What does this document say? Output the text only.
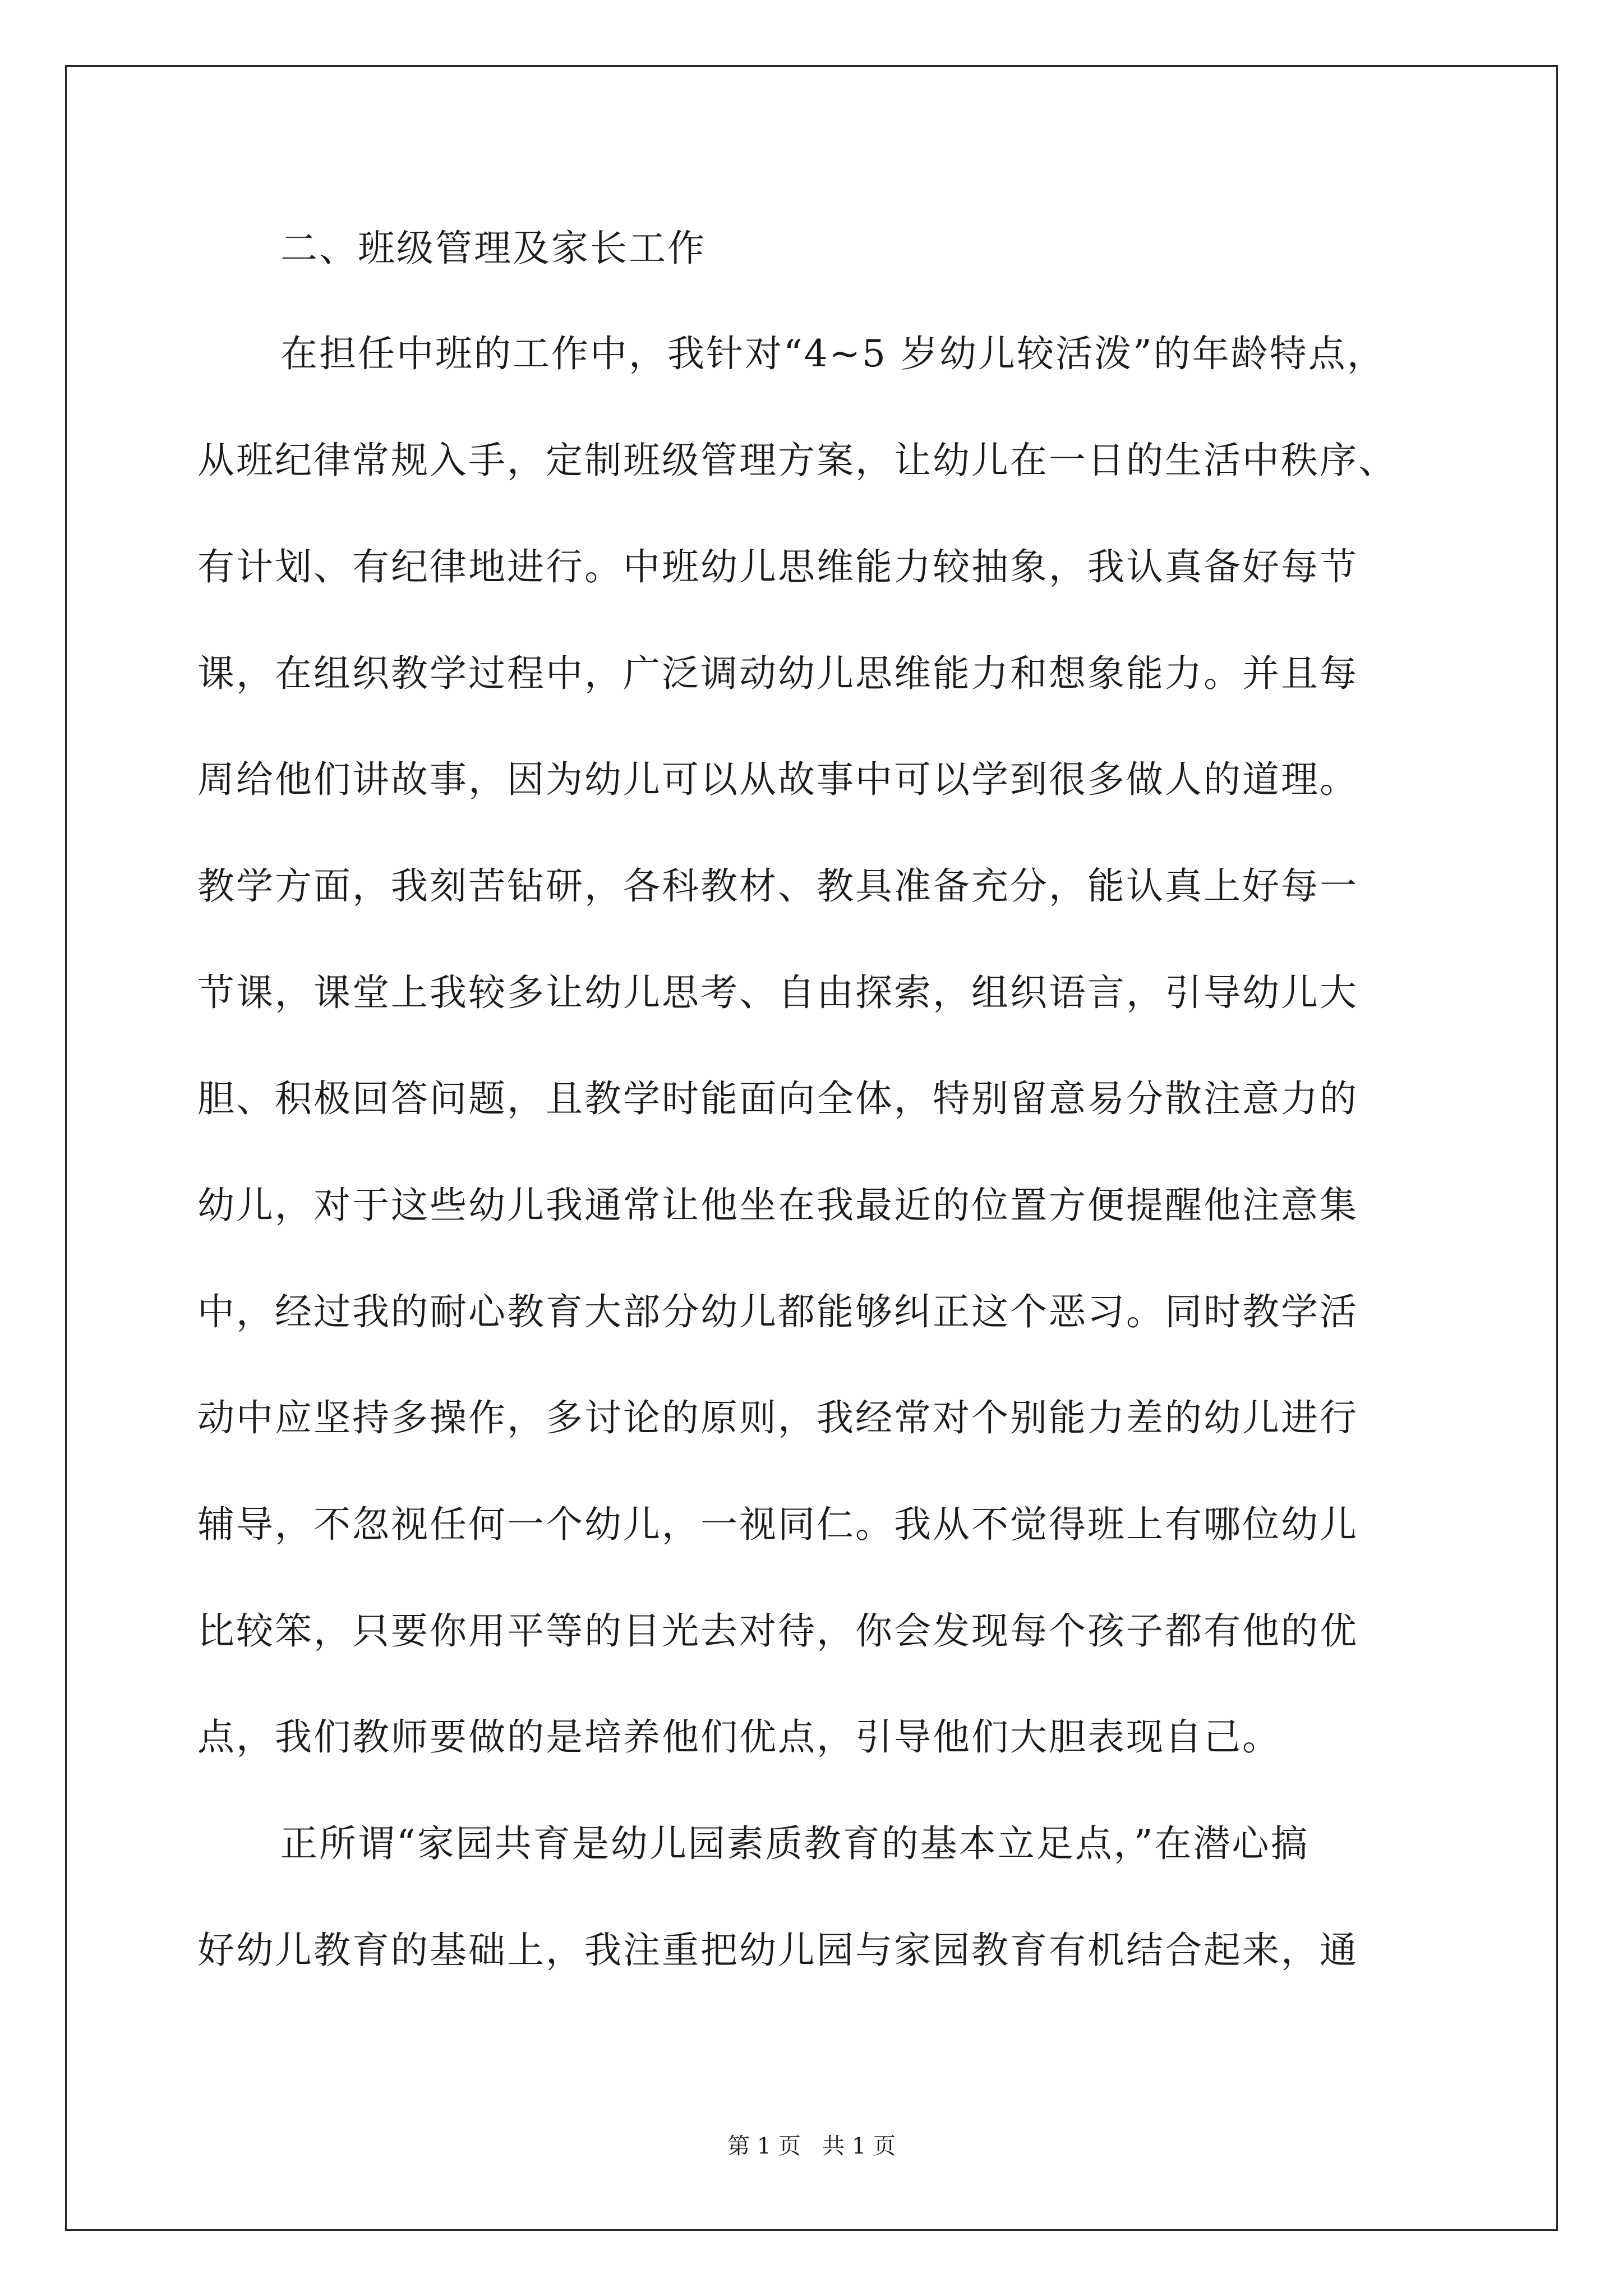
二、班级管理及家长工作
在担任中班的工作中，我针对“4~5 岁幼儿较活泼”的年龄特点，
从班纪律常规入手，定制班级管理方案，让幼儿在一日的生活中秩序、
有计划、有纪律地进行。中班幼儿思维能力较抽象，我认真备好每节
课，在组织教学过程中，广泛调动幼儿思维能力和想象能力。并且每
周给他们讲故事，因为幼儿可以从故事中可以学到很多做人的道理。
教学方面，我刻苦钻研，各科教材、教具准备充分，能认真上好每一
节课，课堂上我较多让幼儿思考、自由探索，组织语言，引导幼儿大
胆、积极回答问题，且教学时能面向全体，特别留意易分散注意力的
幼儿，对于这些幼儿我通常让他坐在我最近的位置方便提醒他注意集
中，经过我的耐心教育大部分幼儿都能够纠正这个恶习。同时教学活
动中应坚持多操作，多讨论的原则，我经常对个别能力差的幼儿进行
辅导，不忽视任何一个幼儿，一视同仁。我从不觉得班上有哪位幼儿
比较笨，只要你用平等的目光去对待，你会发现每个孩子都有他的优
点，我们教师要做的是培养他们优点，引导他们大胆表现自己。
正所谓“家园共育是幼儿园素质教育的基本立足点，”在潜心搞
好幼儿教育的基础上，我注重把幼儿园与家园教育有机结合起来，通
第 1 页   共 1 页
